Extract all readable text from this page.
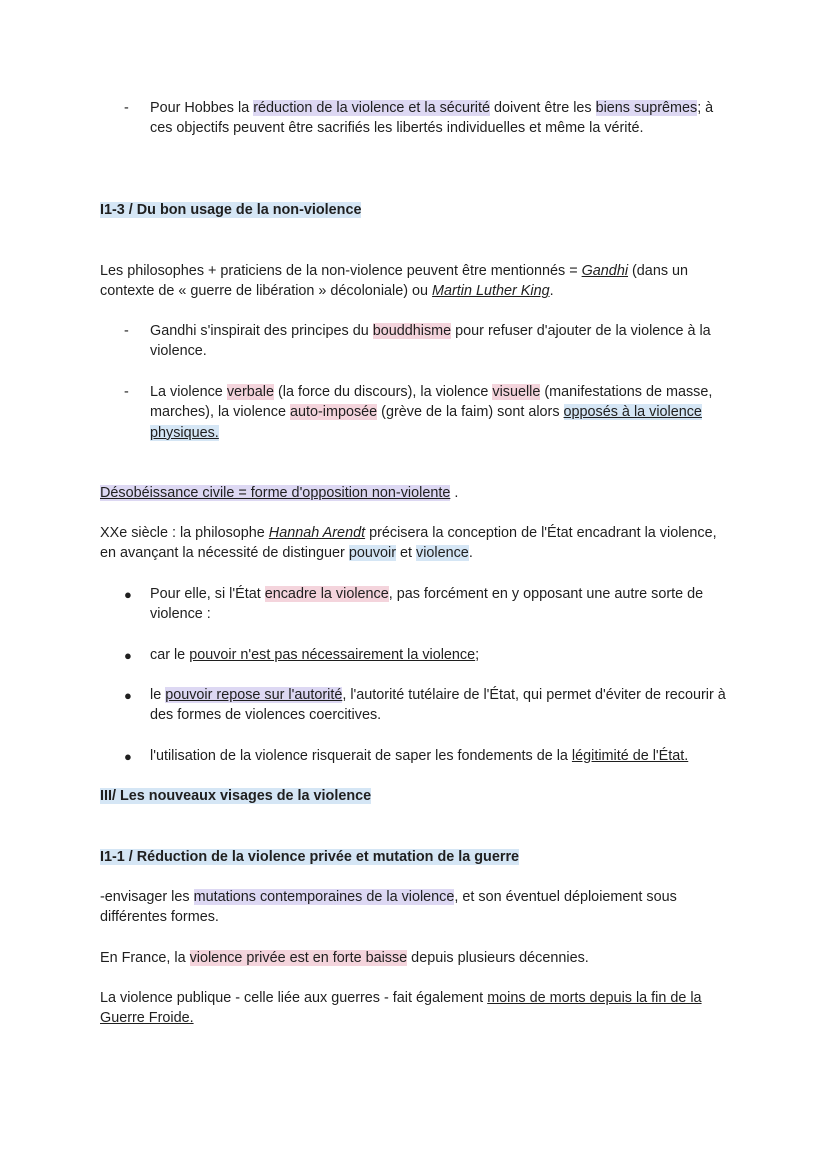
- Pour Hobbes la réduction de la violence et la sécurité doivent être les biens suprêmes; à ces objectifs peuvent être sacrifiés les libertés individuelles et même la vérité.

I1-3 / Du bon usage de la non-violence

Les philosophes + praticiens de la non-violence peuvent être mentionnés = Gandhi (dans un contexte de « guerre de libération » décoloniale) ou Martin Luther King.

- Gandhi s'inspirait des principes du bouddhisme pour refuser d'ajouter de la violence à la violence.

- La violence verbale (la force du discours), la violence visuelle (manifestations de masse, marches), la violence auto-imposée (grève de la faim) sont alors opposés à la violence physiques.

Désobéissance civile = forme d'opposition non-violente .

XXe siècle : la philosophe Hannah Arendt précisera la conception de l'État encadrant la violence, en avançant la nécessité de distinguer pouvoir et violence.

● Pour elle, si l'État encadre la violence, pas forcément en y opposant une autre sorte de violence :

● car le pouvoir n'est pas nécessairement la violence;

● le pouvoir repose sur l'autorité, l'autorité tutélaire de l'État, qui permet d'éviter de recourir à des formes de violences coercitives.

● l'utilisation de la violence risquerait de saper les fondements de la légitimité de l'État.

III/ Les nouveaux visages de la violence

I1-1 / Réduction de la violence privée et mutation de la guerre

-envisager les mutations contemporaines de la violence, et son éventuel déploiement sous différentes formes.

En France, la violence privée est en forte baisse depuis plusieurs décennies.

La violence publique - celle liée aux guerres - fait également moins de morts depuis la fin de la Guerre Froide.
